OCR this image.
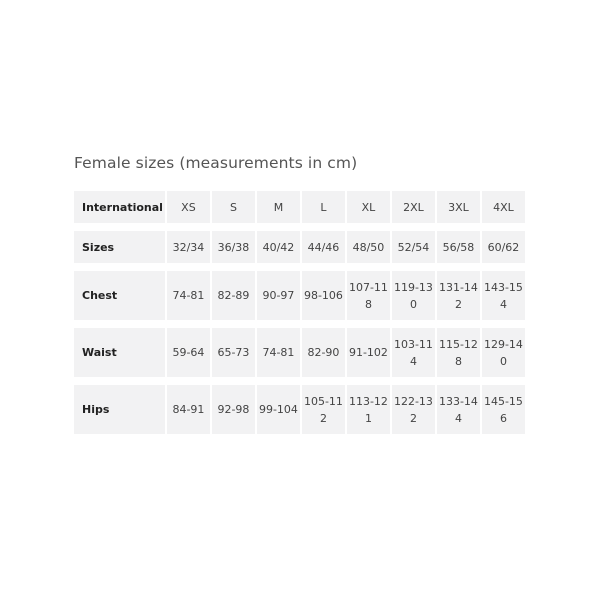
Female sizes (measurements in cm)
International	XS	S	M	L	XL	2XL	3XL	4XL
Sizes	32/34	36/38	40/42	44/46	48/50	52/54	56/58	60/62
Chest	74-81	82-89	90-97	98-106	107-118	119-130	131-142	143-154
Waist	59-64	65-73	74-81	82-90	91-102	103-114	115-128	129-140
Hips	84-91	92-98	99-104	105-112	113-121	122-132	133-144	145-156
